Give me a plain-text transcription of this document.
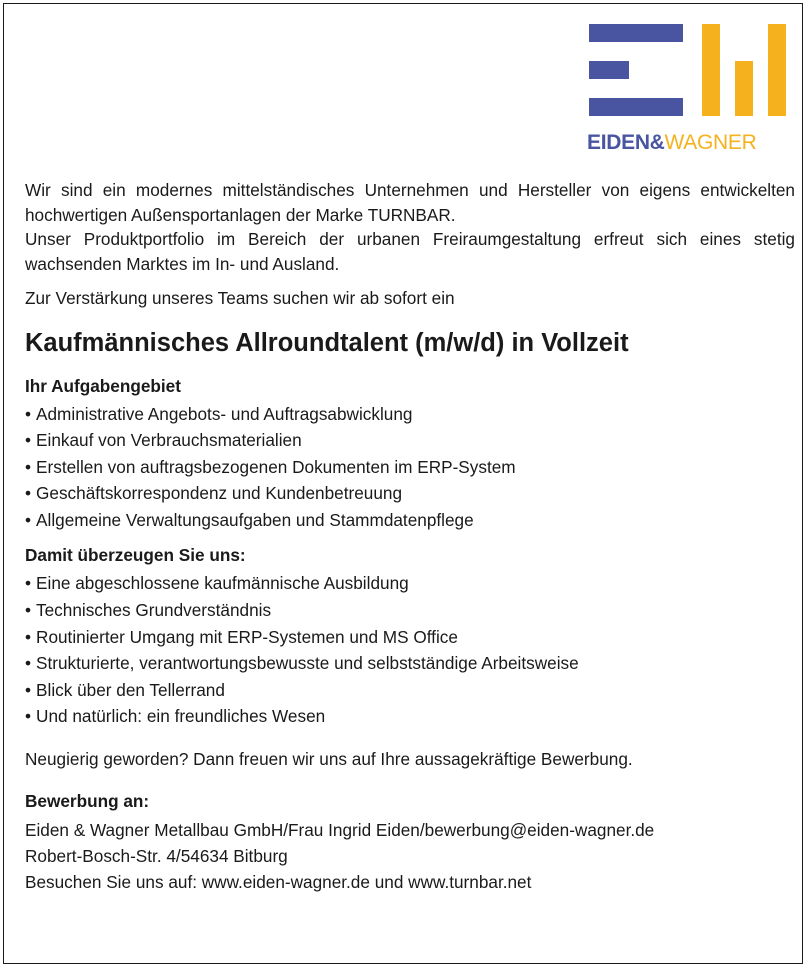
EIDEN&WAGNER

Wir sind ein modernes mittelständisches Unternehmen und Hersteller von eigens entwickelten hochwertigen Außensportanlagen der Marke TURNBAR.

Unser Produktportfolio im Bereich der urbanen Freiraumgestaltung erfreut sich eines stetig wachsenden Marktes im In- und Ausland.

Zur Verstärkung unseres Teams suchen wir ab sofort ein

Kaufmännisches Allroundtalent (m/w/d) in Vollzeit
Ihr Aufgabengebiet
• Administrative Angebots- und Auftragsabwicklung
• Einkauf von Verbrauchsmaterialien
• Erstellen von auftragsbezogenen Dokumenten im ERP-System
• Geschäftskorrespondenz und Kundenbetreuung
• Allgemeine Verwaltungsaufgaben und Stammdatenpflege
Damit überzeugen Sie uns:
• Eine abgeschlossene kaufmännische Ausbildung
• Technisches Grundverständnis
• Routinierter Umgang mit ERP-Systemen und MS Office
• Strukturierte, verantwortungsbewusste und selbstständige Arbeitsweise
• Blick über den Tellerrand
• Und natürlich: ein freundliches Wesen

Neugierig geworden? Dann freuen wir uns auf Ihre aussagekräftige Bewerbung.

Bewerbung an:

Eiden & Wagner Metallbau GmbH/Frau Ingrid Eiden/bewerbung@eiden-wagner.de

Robert-Bosch-Str. 4/54634 Bitburg

Besuchen Sie uns auf: www.eiden-wagner.de und www.turnbar.net
